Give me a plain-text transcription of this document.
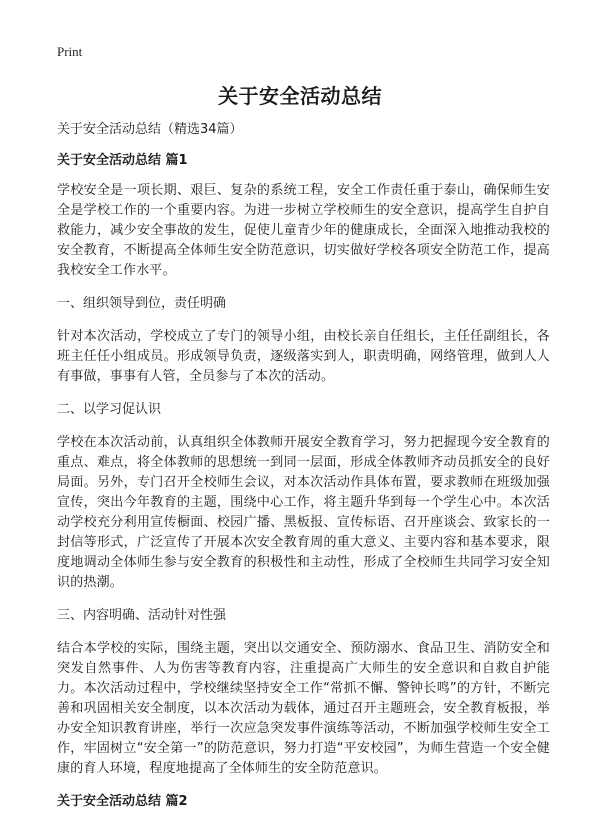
Print
关于安全活动总结
关于安全活动总结（精选34篇）
关于安全活动总结 篇1
学校安全是一项长期、艰巨、复杂的系统工程，安全工作责任重于泰山，确保师生安全是学校工作的一个重要内容。为进一步树立学校师生的安全意识，提高学生自护自救能力，减少安全事故的发生，促使儿童青少年的健康成长，全面深入地推动我校的安全教育，不断提高全体师生安全防范意识，切实做好学校各项安全防范工作，提高我校安全工作水平。
一、组织领导到位，责任明确
针对本次活动，学校成立了专门的领导小组，由校长亲自任组长，主任任副组长，各班主任任小组成员。形成领导负责，逐级落实到人，职责明确，网络管理，做到人人有事做，事事有人管，全员参与了本次的活动。
二、以学习促认识
学校在本次活动前，认真组织全体教师开展安全教育学习，努力把握现今安全教育的重点、难点，将全体教师的思想统一到同一层面，形成全体教师齐动员抓安全的良好局面。另外，专门召开全校师生会议，对本次活动作具体布置，要求教师在班级加强宣传，突出今年教育的主题，围绕中心工作，将主题升华到每一个学生心中。本次活动学校充分利用宣传橱面、校园广播、黑板报、宣传标语、召开座谈会、致家长的一封信等形式，广泛宣传了开展本次安全教育周的重大意义、主要内容和基本要求，限度地调动全体师生参与安全教育的积极性和主动性，形成了全校师生共同学习安全知识的热潮。
三、内容明确、活动针对性强
结合本学校的实际，围绕主题，突出以交通安全、预防溺水、食品卫生、消防安全和突发自然事件、人为伤害等教育内容，注重提高广大师生的安全意识和自救自护能力。本次活动过程中，学校继续坚持安全工作“常抓不懈、警钟长鸣”的方针，不断完善和巩固相关安全制度，以本次活动为载体，通过召开主题班会，安全教育板报，举办安全知识教育讲座，举行一次应急突发事件演练等活动，不断加强学校师生安全工作，牢固树立“安全第一”的防范意识，努力打造“平安校园”，为师生营造一个安全健康的育人环境，程度地提高了全体师生的安全防范意识。
关于安全活动总结 篇2
